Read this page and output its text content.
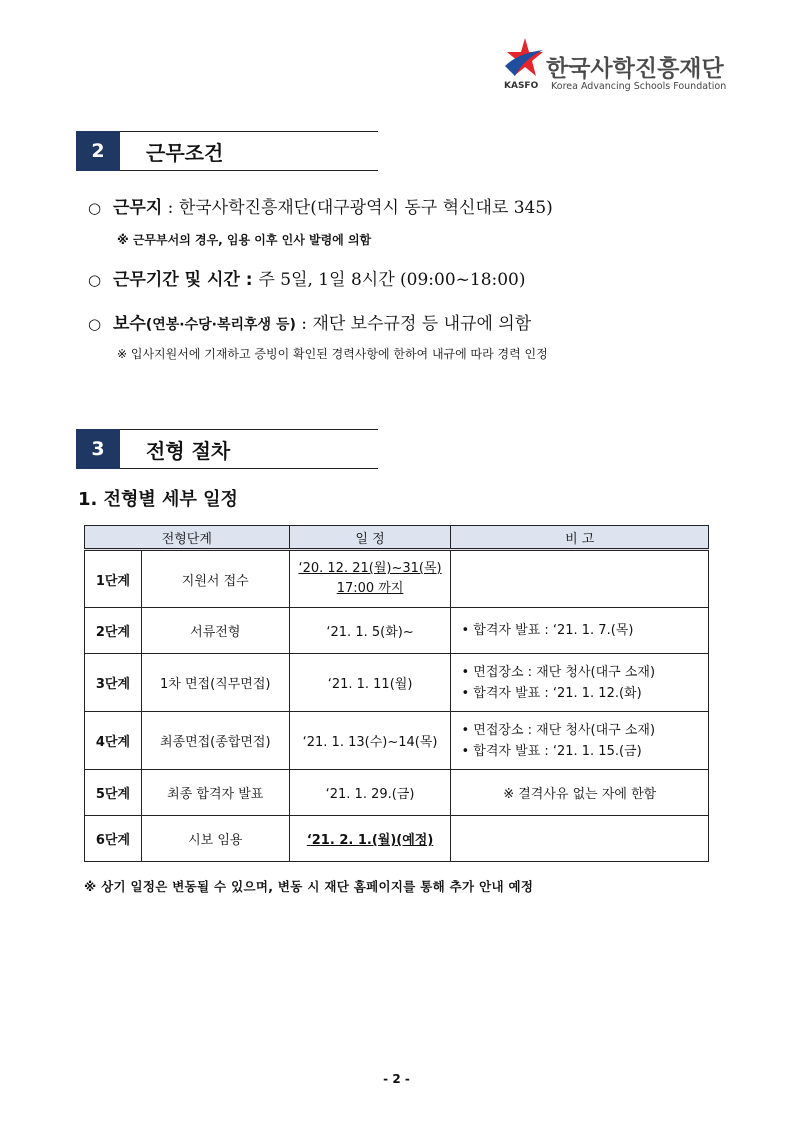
한국사학진흥재단
KASFO Korea Advancing Schools Foundation
2	근무조건
○ 근무지 : 한국사학진흥재단(대구광역시 동구 혁신대로 345)
※ 근무부서의 경우, 임용 이후 인사 발령에 의함
○ 근무기간 및 시간 : 주 5일, 1일 8시간 (09:00~18:00)
○ 보수(연봉·수당·복리후생 등) : 재단 보수규정 등 내규에 의함
※ 입사지원서에 기재하고 증빙이 확인된 경력사항에 한하여 내규에 따라 경력 인정
3	전형 절차
1. 전형별 세부 일정
전형단계		일 정	비 고
1단계	지원서 접수	‘20. 12. 21(월)~31(목)
17:00 까지	

2단계	서류전형	‘21. 1. 5(화)~	• 합격자 발표 : ‘21. 1. 7.(목)

3단계	1차 면접(직무면접)	‘21. 1. 11(월)	• 면접장소 : 재단 청사(대구 소재)
• 합격자 발표 : ‘21. 1. 12.(화)

4단계	최종면접(종합면접)	‘21. 1. 13(수)~14(목)	• 면접장소 : 재단 청사(대구 소재)
• 합격자 발표 : ‘21. 1. 15.(금)

5단계	최종 합격자 발표	‘21. 1. 29.(금)	※ 결격사유 없는 자에 한함

6단계	시보 임용	‘21. 2. 1.(월)(예정)	

※ 상기 일정은 변동될 수 있으며, 변동 시 재단 홈페이지를 통해 추가 안내 예정
- 2 -
